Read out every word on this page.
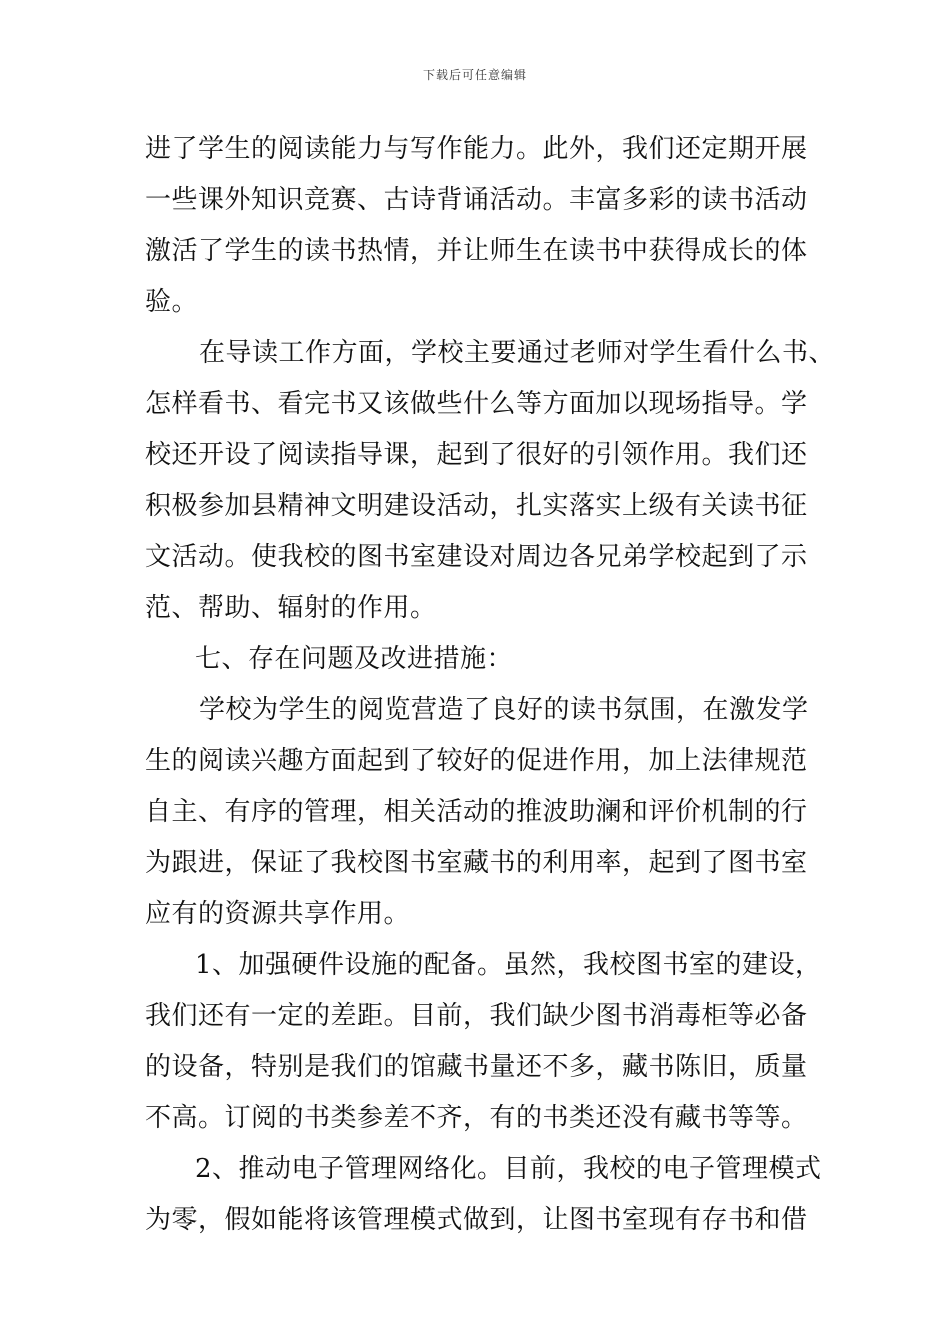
下载后可任意编辑
进了学生的阅读能力与写作能力。此外，我们还定期开展
一些课外知识竞赛、古诗背诵活动。丰富多彩的读书活动
激活了学生的读书热情，并让师生在读书中获得成长的体
验。
在导读工作方面，学校主要通过老师对学生看什么书、
怎样看书、看完书又该做些什么等方面加以现场指导。学
校还开设了阅读指导课，起到了很好的引领作用。我们还
积极参加县精神文明建设活动，扎实落实上级有关读书征
文活动。使我校的图书室建设对周边各兄弟学校起到了示
范、帮助、辐射的作用。
七、存在问题及改进措施：
学校为学生的阅览营造了良好的读书氛围，在激发学
生的阅读兴趣方面起到了较好的促进作用，加上法律规范
自主、有序的管理，相关活动的推波助澜和评价机制的行
为跟进，保证了我校图书室藏书的利用率，起到了图书室
应有的资源共享作用。
1、加强硬件设施的配备。虽然，我校图书室的建设，
我们还有一定的差距。目前，我们缺少图书消毒柜等必备
的设备，特别是我们的馆藏书量还不多，藏书陈旧，质量
不高。订阅的书类参差不齐，有的书类还没有藏书等等。
2、推动电子管理网络化。目前，我校的电子管理模式
为零，假如能将该管理模式做到，让图书室现有存书和借
